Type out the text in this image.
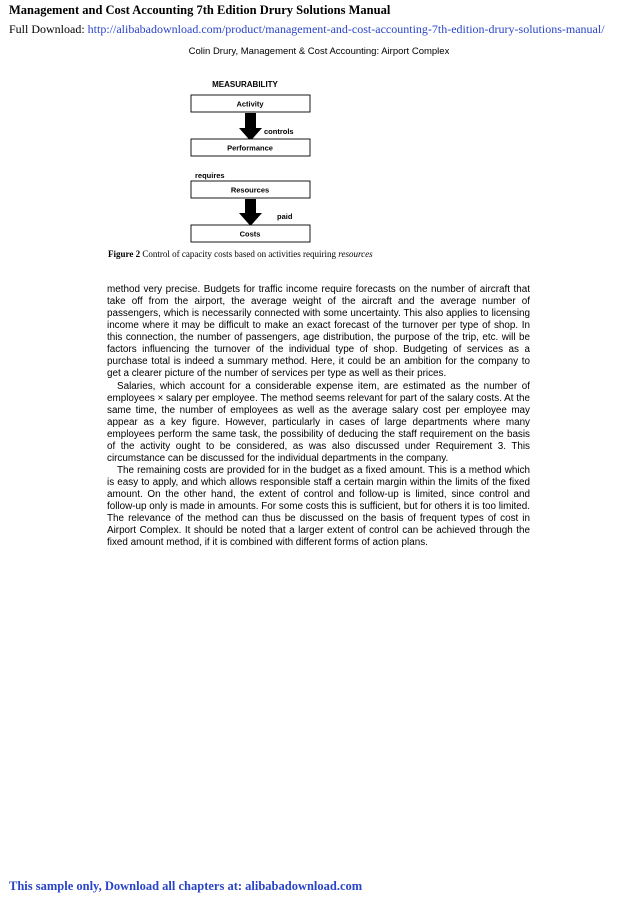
Management and Cost Accounting 7th Edition Drury Solutions Manual
Full Download: http://alibabadownload.com/product/management-and-cost-accounting-7th-edition-drury-solutions-manual/
Colin Drury, Management & Cost Accounting: Airport Complex
MEASURABILITY
Activity
controls
Performance
requires
Resources
paid
Costs
Figure 2 Control of capacity costs based on activities requiring resources

method very precise. Budgets for traffic income require forecasts on the number of aircraft that take off from the airport, the average weight of the aircraft and the average number of passengers, which is necessarily connected with some uncertainty. This also applies to licensing income where it may be difficult to make an exact forecast of the turnover per type of shop. In this connection, the number of passengers, age distribution, the purpose of the trip, etc. will be factors influencing the turnover of the individual type of shop. Budgeting of services as a purchase total is indeed a summary method. Here, it could be an ambition for the company to get a clearer picture of the number of services per type as well as their prices.

Salaries, which account for a considerable expense item, are estimated as the number of employees × salary per employee. The method seems relevant for part of the salary costs. At the same time, the number of employees as well as the average salary cost per employee may appear as a key figure. However, particularly in cases of large departments where many employees perform the same task, the possibility of deducing the staff requirement on the basis of the activity ought to be considered, as was also discussed under Requirement 3. This circumstance can be discussed for the individual departments in the company.

The remaining costs are provided for in the budget as a fixed amount. This is a method which is easy to apply, and which allows responsible staff a certain margin within the limits of the fixed amount. On the other hand, the extent of control and follow-up is limited, since control and follow-up only is made in amounts. For some costs this is sufficient, but for others it is too limited. The relevance of the method can thus be discussed on the basis of frequent types of cost in Airport Complex. It should be noted that a larger extent of control can be achieved through the fixed amount method, if it is combined with different forms of action plans.

This sample only, Download all chapters at: alibabadownload.com
